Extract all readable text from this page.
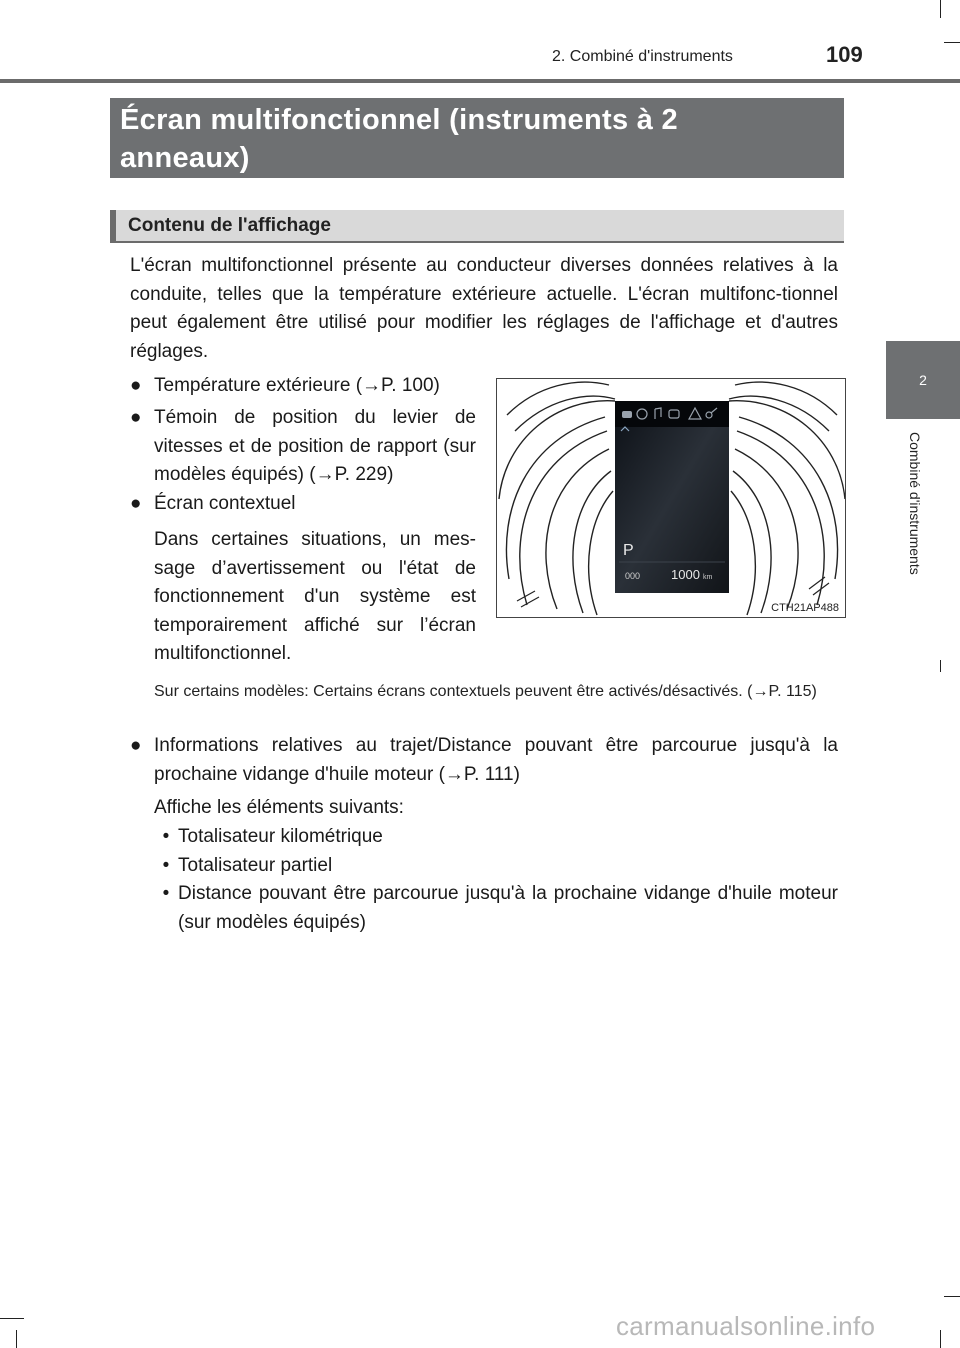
2. Combiné d'instruments	109
Écran multifonctionnel (instruments à 2
anneaux)
Contenu de l'affichage
L'écran multifonctionnel présente au conducteur diverses données relatives à la conduite, telles que la température extérieure actuelle. L'écran multifonc-tionnel peut également être utilisé pour modifier les réglages de l'affichage et d'autres réglages.
● Température extérieure (→P. 100)
● Témoin de position du levier de vitesses et de position de rapport (sur modèles équipés) (→P. 229)
● Écran contextuel
Dans certaines situations, un mes-sage d’avertissement ou l'état de fonctionnement d'un système est temporairement affiché sur l’écran multifonctionnel.
Sur certains modèles: Certains écrans contextuels peuvent être activés/désactivés. (→P. 115)
● Informations relatives au trajet/Distance pouvant être parcourue jusqu'à la prochaine vidange d'huile moteur (→P. 111)
Affiche les éléments suivants:
• Totalisateur kilométrique
• Totalisateur partiel
• Distance pouvant être parcourue jusqu'à la prochaine vidange d'huile moteur (sur modèles équipés)
P
000 1000 km
CTH21AP488
2
Combiné d'instruments
carmanualsonline.info
